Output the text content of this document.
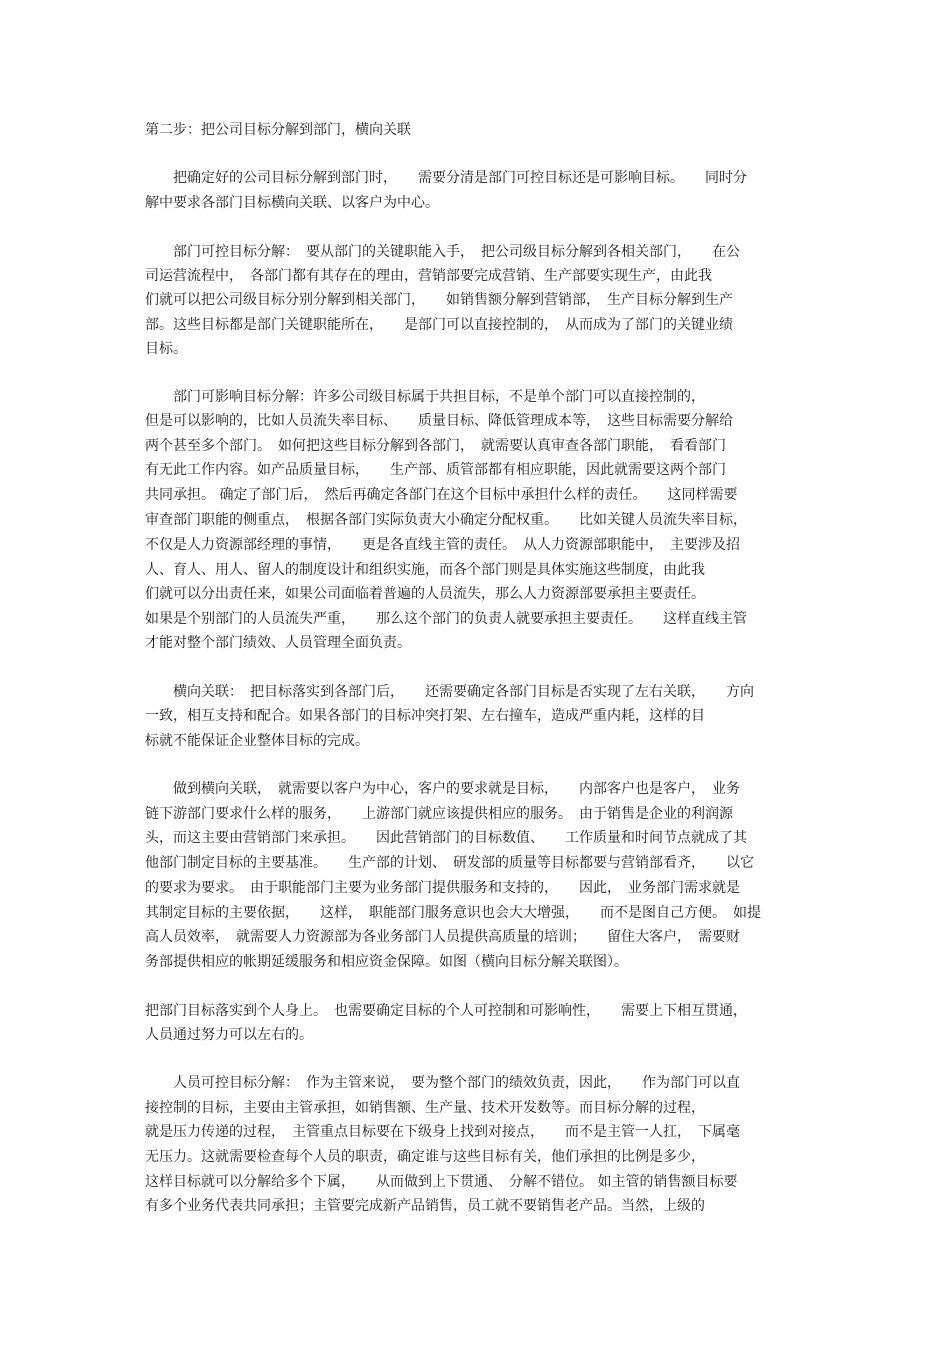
第二步：把公司目标分解到部门，横向关联
　　把确定好的公司目标分解到部门时，　　需要分清是部门可控目标还是可影响目标。　　同时分
解中要求各部门目标横向关联、以客户为中心。
　　部门可控目标分解：　要从部门的关键职能入手，　把公司级目标分解到各相关部门，　　在公
司运营流程中，　各部门都有其存在的理由，营销部要完成营销、生产部要实现生产，由此我
们就可以把公司级目标分别分解到相关部门，　　如销售额分解到营销部，　生产目标分解到生产
部。这些目标都是部门关键职能所在，　　是部门可以直接控制的，　从而成为了部门的关键业绩
目标。
　　部门可影响目标分解：许多公司级目标属于共担目标，不是单个部门可以直接控制的，
但是可以影响的，比如人员流失率目标、　　质量目标、降低管理成本等，　这些目标需要分解给
两个甚至多个部门。　如何把这些目标分解到各部门，　就需要认真审查各部门职能，　看看部门
有无此工作内容。如产品质量目标，　　生产部、质管部都有相应职能，因此就需要这两个部门
共同承担。 确定了部门后，　然后再确定各部门在这个目标中承担什么样的责任。　　这同样需要
审查部门职能的侧重点，　根据各部门实际负责大小确定分配权重。　　比如关键人员流失率目标，
不仅是人力资源部经理的事情，　　更是各直线主管的责任。　从人力资源部职能中，　主要涉及招
人、育人、用人、留人的制度设计和组织实施，而各个部门则是具体实施这些制度，由此我
们就可以分出责任来，如果公司面临着普遍的人员流失，那么人力资源部要承担主要责任。
如果是个别部门的人员流失严重，　　那么这个部门的负责人就要承担主要责任。　　这样直线主管
才能对整个部门绩效、人员管理全面负责。
　　横向关联：　把目标落实到各部门后，　　还需要确定各部门目标是否实现了左右关联，　　方向
一致，相互支持和配合。如果各部门的目标冲突打架、左右撞车，造成严重内耗，这样的目
标就不能保证企业整体目标的完成。
　　做到横向关联，　就需要以客户为中心，客户的要求就是目标，　　内部客户也是客户，　业务
链下游部门要求什么样的服务，　　上游部门就应该提供相应的服务。　由于销售是企业的利润源
头，而这主要由营销部门来承担。　　因此营销部门的目标数值、　　工作质量和时间节点就成了其
他部门制定目标的主要基准。　　生产部的计划、　研发部的质量等目标都要与营销部看齐，　　以它
的要求为要求。　由于职能部门主要为业务部门提供服务和支持的，　　因此，　业务部门需求就是
其制定目标的主要依据，　　这样，　职能部门服务意识也会大大增强，　　而不是图自己方便。　如提
高人员效率，　就需要人力资源部为各业务部门人员提供高质量的培训；　　留住大客户，　需要财
务部提供相应的帐期延缓服务和相应资金保障。如图（横向目标分解关联图）。
把部门目标落实到个人身上。　也需要确定目标的个人可控制和可影响性，　　需要上下相互贯通，
人员通过努力可以左右的。
　　人员可控目标分解：　作为主管来说，　要为整个部门的绩效负责，因此，　　作为部门可以直
接控制的目标，主要由主管承担，如销售额、生产量、技术开发数等。而目标分解的过程，
就是压力传递的过程，　主管重点目标要在下级身上找到对接点，　　而不是主管一人扛，　下属毫
无压力。这就需要检查每个人员的职责，确定谁与这些目标有关，他们承担的比例是多少，
这样目标就可以分解给多个下属，　　从而做到上下贯通、　分解不错位。 如主管的销售额目标要
有多个业务代表共同承担；主管要完成新产品销售，员工就不要销售老产品。当然，上级的
